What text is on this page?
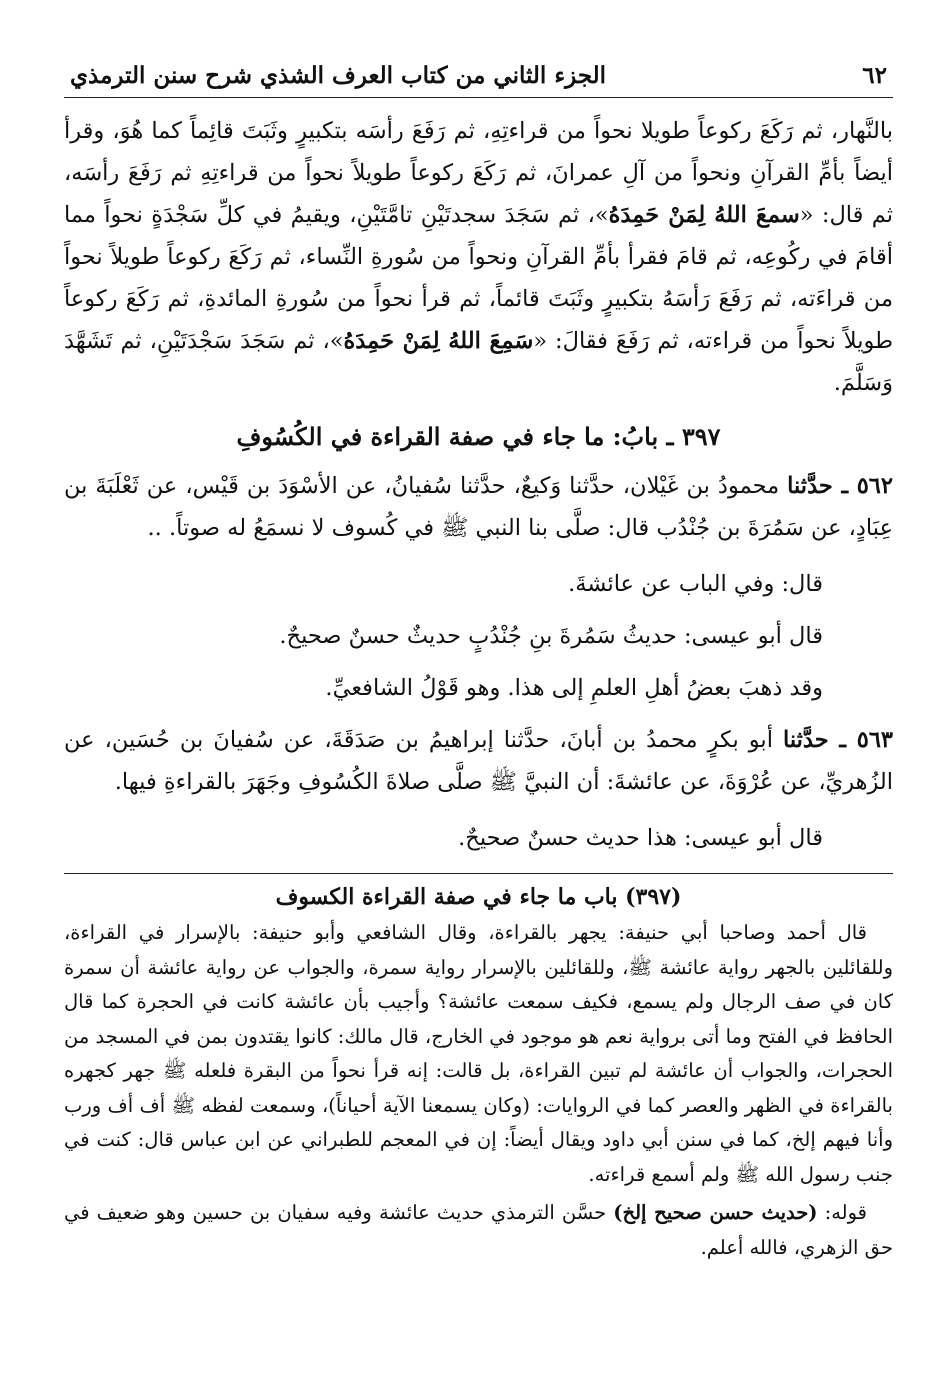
٦٢
الجزء الثاني من كتاب العرف الشذي شرح سنن الترمذي

بالنَّهار، ثم رَكَعَ ركوعاً طويلا نحواً من قراءتِهِ، ثم رَفَعَ رأسَه بتكبيرٍ وثَبَتَ قائِماً كما هُوَ، وقرأ أيضاً بأمِّ القرآنِ ونحواً من آلِ عمرانَ، ثم رَكَعَ ركوعاً طويلاً نحواً من قراءتِهِ ثم رَفَعَ رأسَه، ثم قال: «سمعَ اللهُ لِمَنْ حَمِدَهُ»، ثم سَجَدَ سجدتَيْنِ تامَّتَيْنِ، ويقيمُ في كلِّ سَجْدَةٍ نحواً مما أقامَ في ركُوعِه، ثم قامَ فقرأ بأمِّ القرآنِ ونحواً من سُورةِ النِّساء، ثم رَكَعَ ركوعاً طويلاً نحواً من قراءَته، ثم رَفَعَ رَأسَهُ بتكبيرٍ وثَبَتَ قائماً، ثم قرأ نحواً من سُورةِ المائدةِ، ثم رَكَعَ ركوعاً طويلاً نحواً من قراءته، ثم رَفَعَ فقالَ: «سَمِعَ اللهُ لِمَنْ حَمِدَهُ»، ثم سَجَدَ سَجْدَتَيْنِ، ثم تَشَهَّدَ وَسَلَّمَ.

٣٩٧ ـ بابُ: ما جاء في صفة القراءة في الكُسُوفِ

٥٦٢ ـ حدَّثنا محمودُ بن غَيْلان، حدَّثنا وَكيعٌ، حدَّثنا سُفيانُ، عن الأسْوَدَ بن قَيْس، عن ثَعْلَبَةَ بن عِبَادٍ، عن سَمُرَةَ بن جُنْدُب قال: صلَّى بنا النبي ﷺ في كُسوف لا نسمَعُ له صوتاً. ..

قال: وفي الباب عن عائشةَ.

قال أبو عيسى: حديثُ سَمُرةَ بنِ جُنْدُبٍ حديثٌ حسنٌ صحيحٌ.

وقد ذهبَ بعضُ أهلِ العلمِ إلى هذا. وهو قَوْلُ الشافعيِّ.

٥٦٣ ـ حدَّثنا أبو بكرٍ محمدُ بن أبانَ، حدَّثنا إبراهيمُ بن صَدَقَةَ، عن سُفيانَ بن حُسَين، عن الزُهريِّ، عن عُرْوَةَ، عن عائشةَ: أن النبيَّ ﷺ صلَّى صلاةَ الكُسُوفِ وجَهَرَ بالقراءةِ فيها.

قال أبو عيسى: هذا حديث حسنٌ صحيحٌ.

(٣٩٧) باب ما جاء في صفة القراءة الكسوف

قال أحمد وصاحبا أبي حنيفة: يجهر بالقراءة، وقال الشافعي وأبو حنيفة: بالإسرار في القراءة، وللقائلين بالجهر رواية عائشة ﷺ، وللقائلين بالإسرار رواية سمرة، والجواب عن رواية عائشة أن سمرة كان في صف الرجال ولم يسمع، فكيف سمعت عائشة؟ وأجيب بأن عائشة كانت في الحجرة كما قال الحافظ في الفتح وما أتى برواية نعم هو موجود في الخارج، قال مالك: كانوا يقتدون بمن في المسجد من الحجرات، والجواب أن عائشة لم تبين القراءة، بل قالت: إنه قرأ نحواً من البقرة فلعله ﷺ جهر كجهره بالقراءة في الظهر والعصر كما في الروايات: (وكان يسمعنا الآية أحياناً)، وسمعت لفظه ﷺ أف أف ورب وأنا فيهم إلخ، كما في سنن أبي داود ويقال أيضاً: إن في المعجم للطبراني عن ابن عباس قال: كنت في جنب رسول الله ﷺ ولم أسمع قراءته.

قوله: (حديث حسن صحيح إلخ) حسَّن الترمذي حديث عائشة وفيه سفيان بن حسين وهو ضعيف في حق الزهري، فالله أعلم.
